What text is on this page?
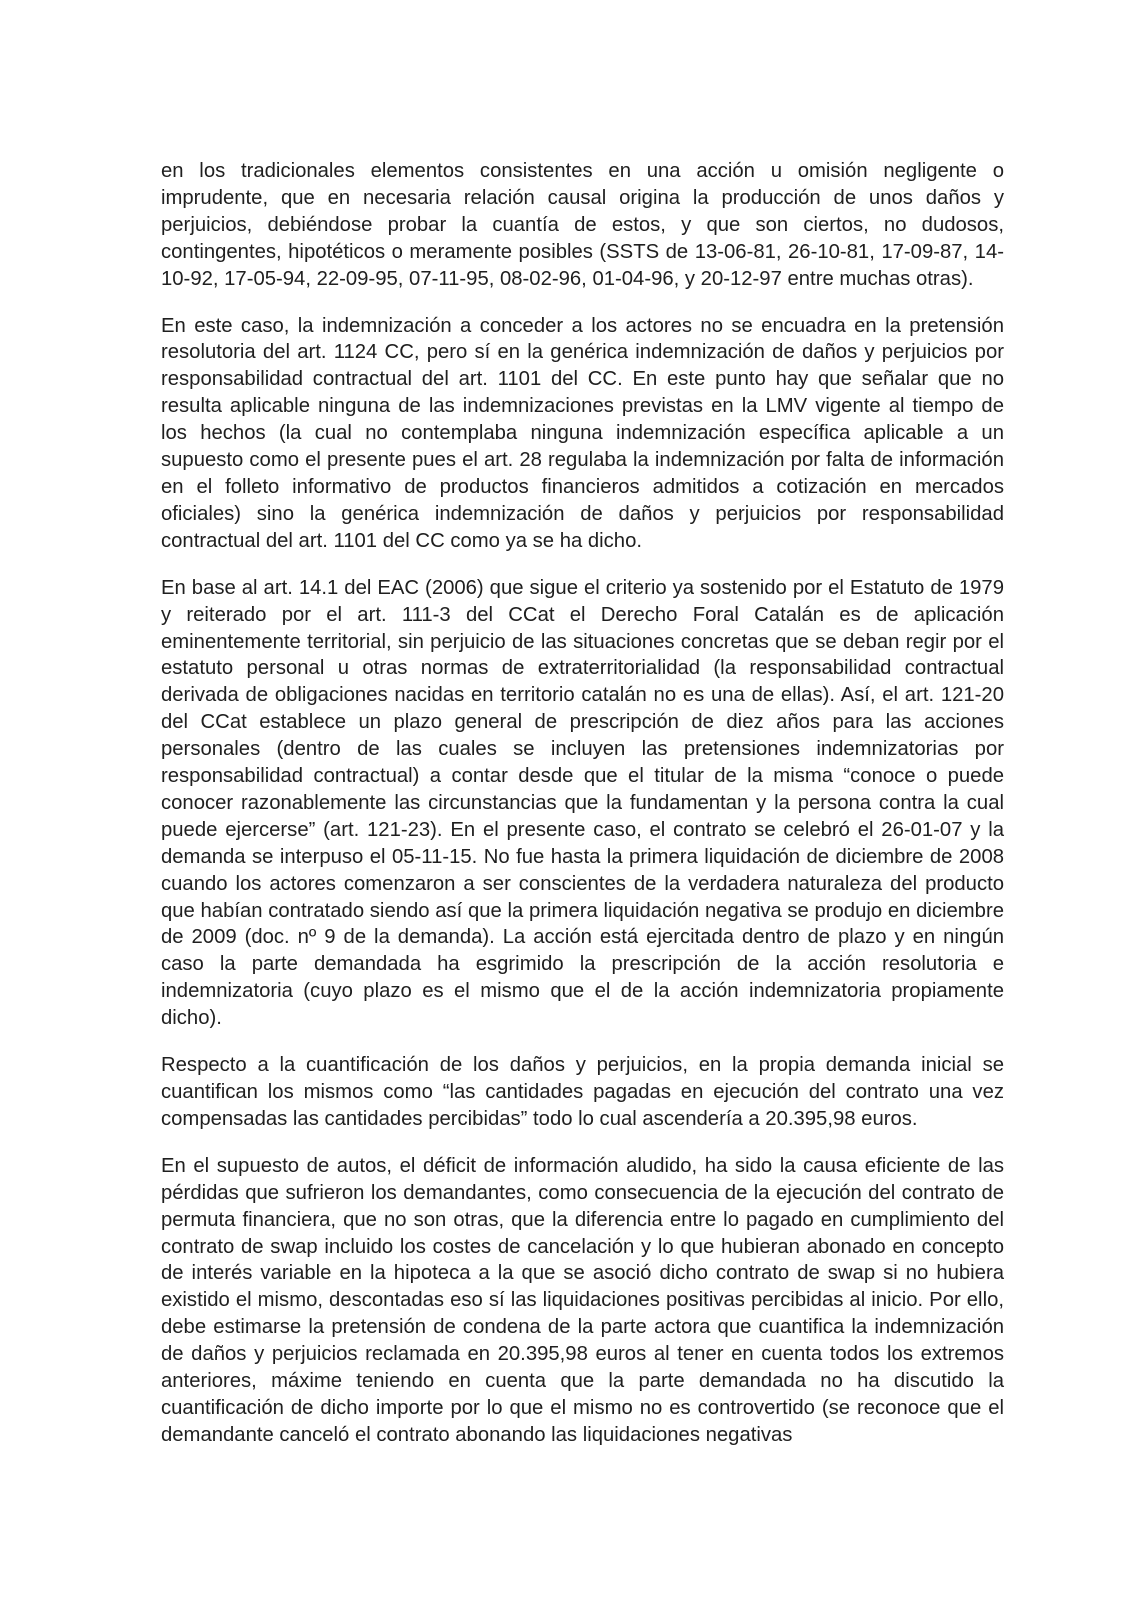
en los tradicionales elementos consistentes en una acción u omisión negligente o imprudente, que en necesaria relación causal origina la producción de unos daños y perjuicios, debiéndose probar la cuantía de estos, y que son ciertos, no dudosos, contingentes, hipotéticos o meramente posibles (SSTS de 13-06-81, 26-10-81, 17-09-87, 14-10-92, 17-05-94, 22-09-95, 07-11-95, 08-02-96, 01-04-96, y 20-12-97 entre muchas otras).

En este caso, la indemnización a conceder a los actores no se encuadra en la pretensión resolutoria del art. 1124 CC, pero sí en la genérica indemnización de daños y perjuicios por responsabilidad contractual del art. 1101 del CC. En este punto hay que señalar que no resulta aplicable ninguna de las indemnizaciones previstas en la LMV vigente al tiempo de los hechos (la cual no contemplaba ninguna indemnización específica aplicable a un supuesto como el presente pues el art. 28 regulaba la indemnización por falta de información en el folleto informativo de productos financieros admitidos a cotización en mercados oficiales) sino la genérica indemnización de daños y perjuicios por responsabilidad contractual del art. 1101 del CC como ya se ha dicho.

En base al art. 14.1 del EAC (2006) que sigue el criterio ya sostenido por el Estatuto de 1979 y reiterado por el art. 111-3 del CCat el Derecho Foral Catalán es de aplicación eminentemente territorial, sin perjuicio de las situaciones concretas que se deban regir por el estatuto personal u otras normas de extraterritorialidad (la responsabilidad contractual derivada de obligaciones nacidas en territorio catalán no es una de ellas). Así, el art. 121-20 del CCat establece un plazo general de prescripción de diez años para las acciones personales (dentro de las cuales se incluyen las pretensiones indemnizatorias por responsabilidad contractual) a contar desde que el titular de la misma “conoce o puede conocer razonablemente las circunstancias que la fundamentan y la persona contra la cual puede ejercerse” (art. 121-23). En el presente caso, el contrato se celebró el 26-01-07 y la demanda se interpuso el 05-11-15. No fue hasta la primera liquidación de diciembre de 2008 cuando los actores comenzaron a ser conscientes de la verdadera naturaleza del producto que habían contratado siendo así que la primera liquidación negativa se produjo en diciembre de 2009 (doc. nº 9 de la demanda). La acción está ejercitada dentro de plazo y en ningún caso la parte demandada ha esgrimido la prescripción de la acción resolutoria e indemnizatoria (cuyo plazo es el mismo que el de la acción indemnizatoria propiamente dicho).

Respecto a la cuantificación de los daños y perjuicios, en la propia demanda inicial se cuantifican los mismos como “las cantidades pagadas en ejecución del contrato una vez compensadas las cantidades percibidas” todo lo cual ascendería a 20.395,98 euros.

En el supuesto de autos, el déficit de información aludido, ha sido la causa eficiente de las pérdidas que sufrieron los demandantes, como consecuencia de la ejecución del contrato de permuta financiera, que no son otras, que la diferencia entre lo pagado en cumplimiento del contrato de swap incluido los costes de cancelación y lo que hubieran abonado en concepto de interés variable en la hipoteca a la que se asoció dicho contrato de swap si no hubiera existido el mismo, descontadas eso sí las liquidaciones positivas percibidas al inicio. Por ello, debe estimarse la pretensión de condena de la parte actora que cuantifica la indemnización de daños y perjuicios reclamada en 20.395,98 euros al tener en cuenta todos los extremos anteriores, máxime teniendo en cuenta que la parte demandada no ha discutido la cuantificación de dicho importe por lo que el mismo no es controvertido (se reconoce que el demandante canceló el contrato abonando las liquidaciones negativas
